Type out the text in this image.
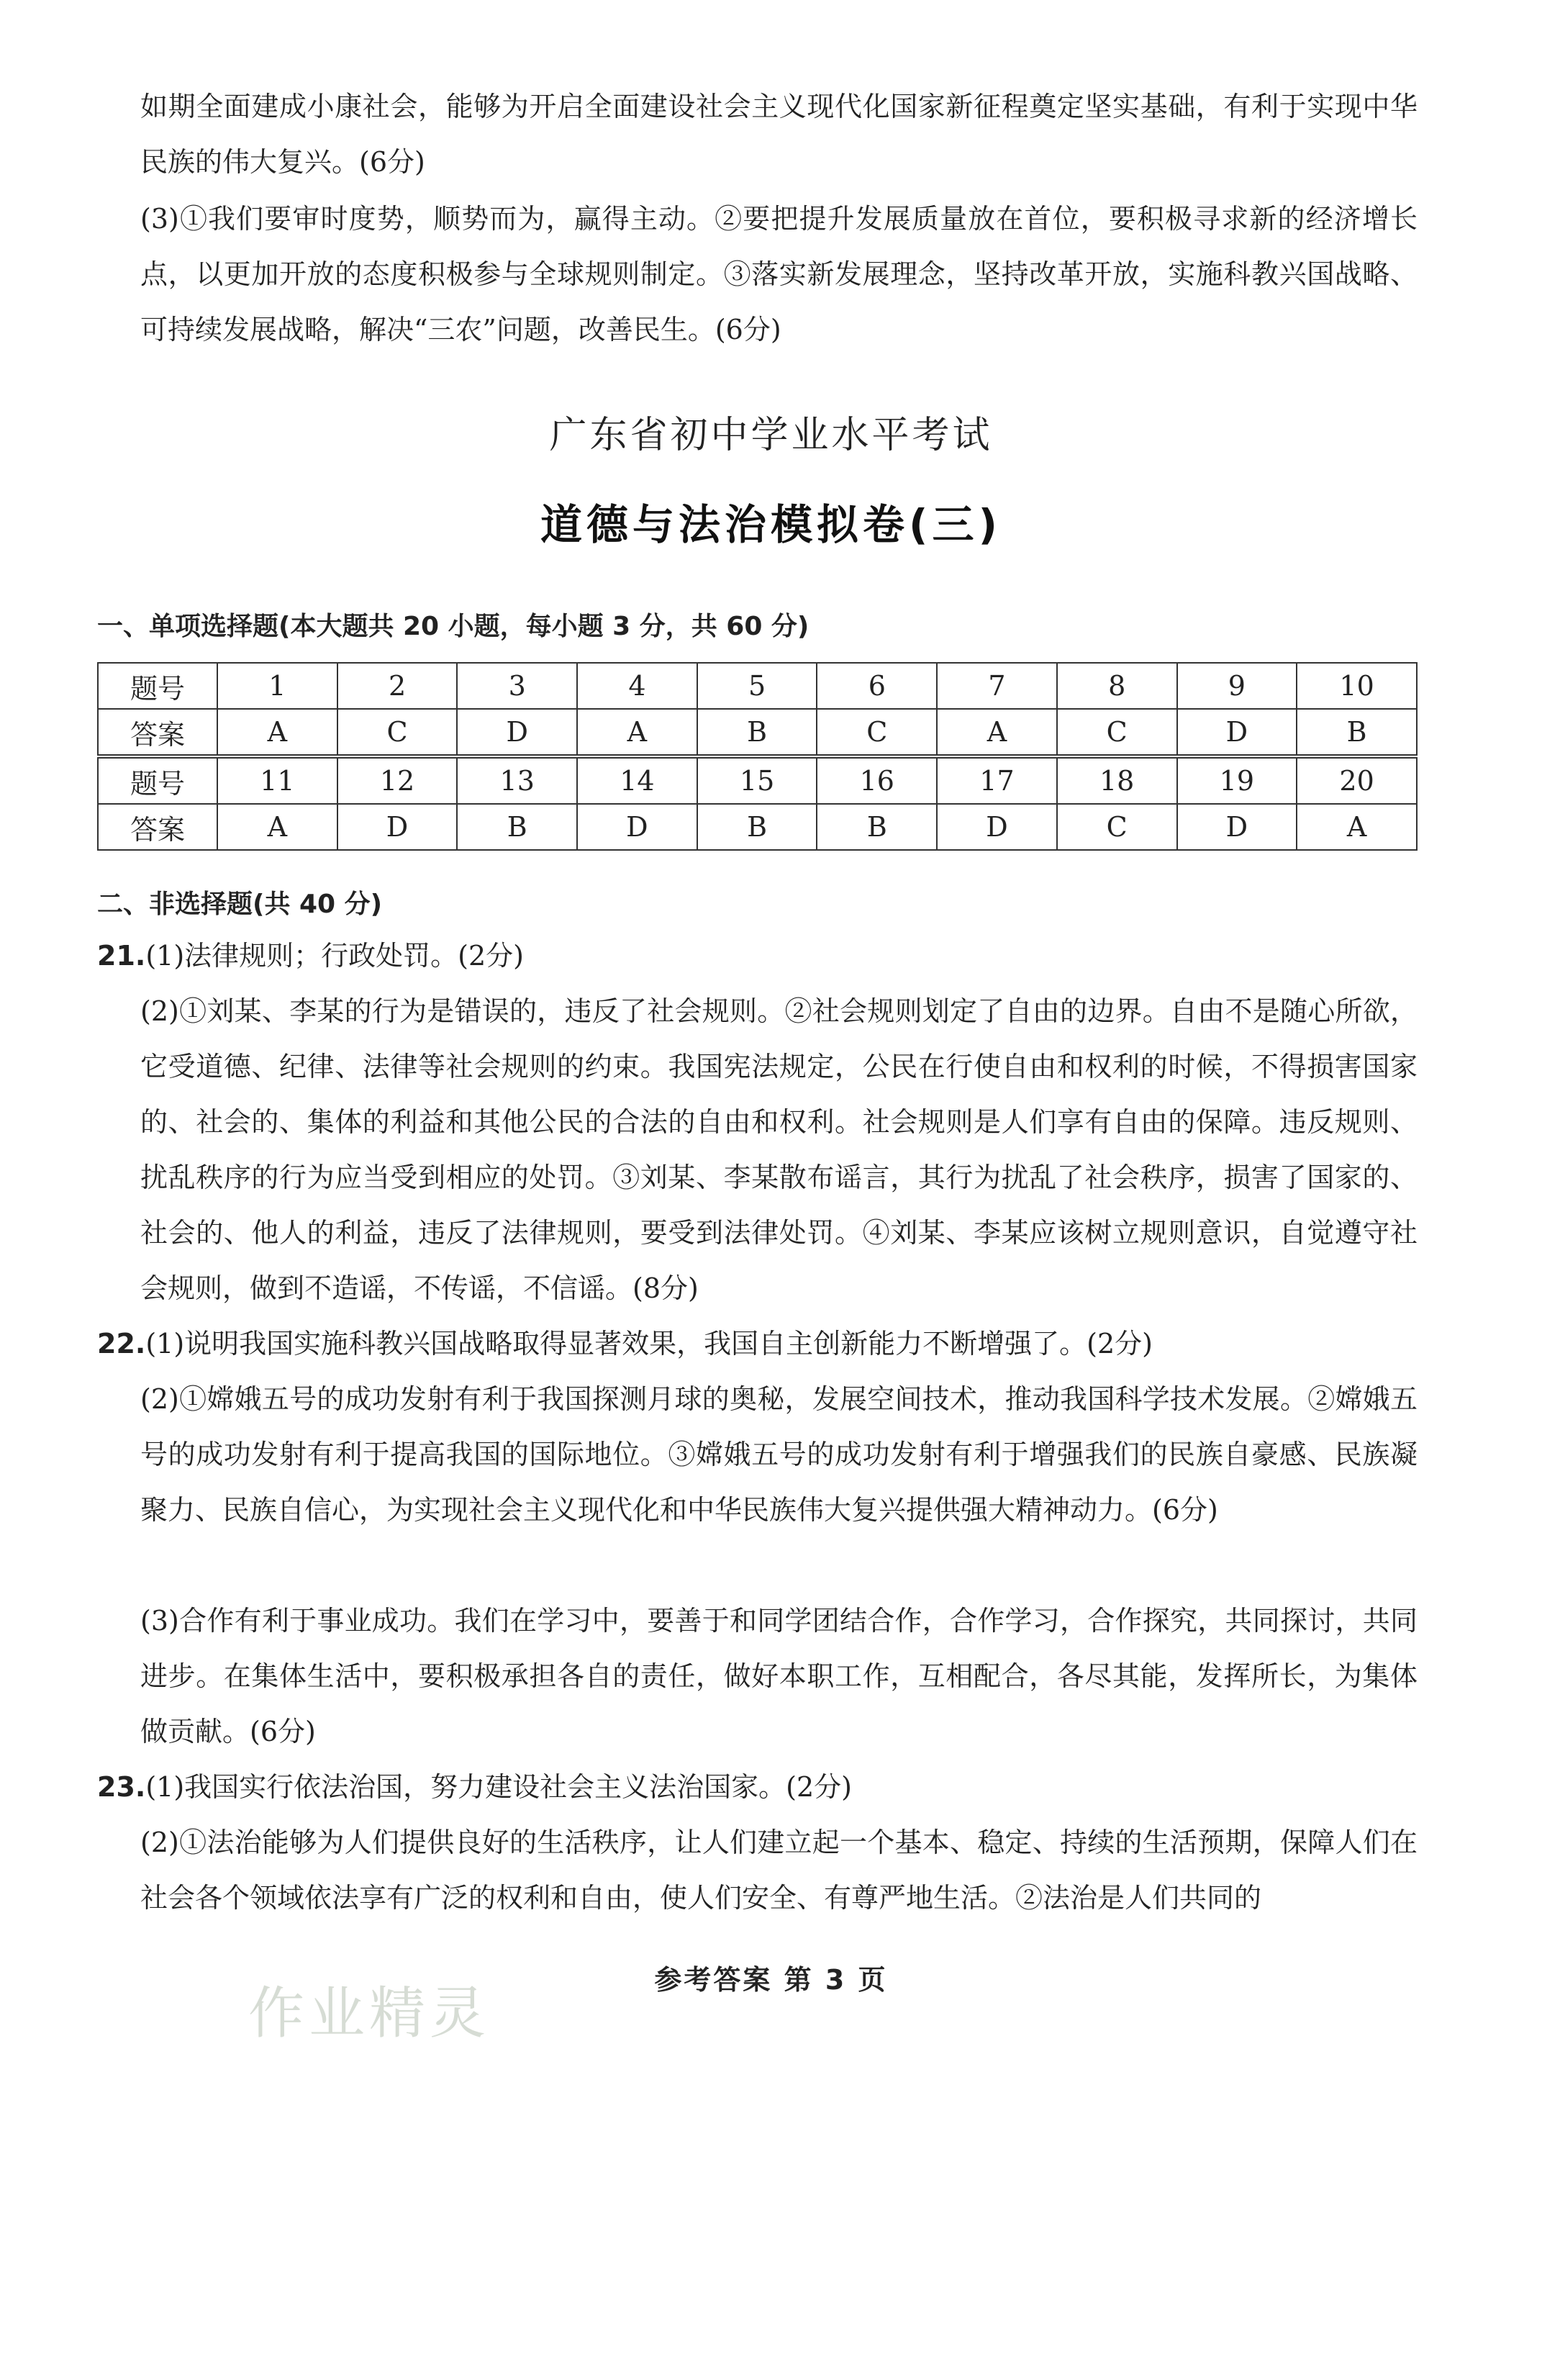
如期全面建成小康社会，能够为开启全面建设社会主义现代化国家新征程奠定坚实基础，有利于实现中华民族的伟大复兴。(6分)

(3)①我们要审时度势，顺势而为，赢得主动。②要把提升发展质量放在首位，要积极寻求新的经济增长点，以更加开放的态度积极参与全球规则制定。③落实新发展理念，坚持改革开放，实施科教兴国战略、可持续发展战略，解决“三农”问题，改善民生。(6分)

广东省初中学业水平考试
道德与法治模拟卷(三)
一、单项选择题(本大题共 20 小题，每小题 3 分，共 60 分)
题号	1	2	3	4	5	6	7	8	9	10
答案	A	C	D	A	B	C	A	C	D	B

题号	11	12	13	14	15	16	17	18	19	20
答案	A	D	B	D	B	B	D	C	D	A
二、非选择题(共 40 分)

21.(1)法律规则；行政处罚。(2分)

(2)①刘某、李某的行为是错误的，违反了社会规则。②社会规则划定了自由的边界。自由不是随心所欲，它受道德、纪律、法律等社会规则的约束。我国宪法规定，公民在行使自由和权利的时候，不得损害国家的、社会的、集体的利益和其他公民的合法的自由和权利。社会规则是人们享有自由的保障。违反规则、扰乱秩序的行为应当受到相应的处罚。③刘某、李某散布谣言，其行为扰乱了社会秩序，损害了国家的、社会的、他人的利益，违反了法律规则，要受到法律处罚。④刘某、李某应该树立规则意识，自觉遵守社会规则，做到不造谣，不传谣，不信谣。(8分)

22.(1)说明我国实施科教兴国战略取得显著效果，我国自主创新能力不断增强了。(2分)

(2)①嫦娥五号的成功发射有利于我国探测月球的奥秘，发展空间技术，推动我国科学技术发展。②嫦娥五号的成功发射有利于提高我国的国际地位。③嫦娥五号的成功发射有利于增强我们的民族自豪感、民族凝聚力、民族自信心，为实现社会主义现代化和中华民族伟大复兴提供强大精神动力。(6分)

(3)合作有利于事业成功。我们在学习中，要善于和同学团结合作，合作学习，合作探究，共同探讨，共同进步。在集体生活中，要积极承担各自的责任，做好本职工作，互相配合，各尽其能，发挥所长，为集体做贡献。(6分)

23.(1)我国实行依法治国，努力建设社会主义法治国家。(2分)

(2)①法治能够为人们提供良好的生活秩序，让人们建立起一个基本、稳定、持续的生活预期，保障人们在社会各个领域依法享有广泛的权利和自由，使人们安全、有尊严地生活。②法治是人们共同的

作业精灵
参考答案 第 3 页
